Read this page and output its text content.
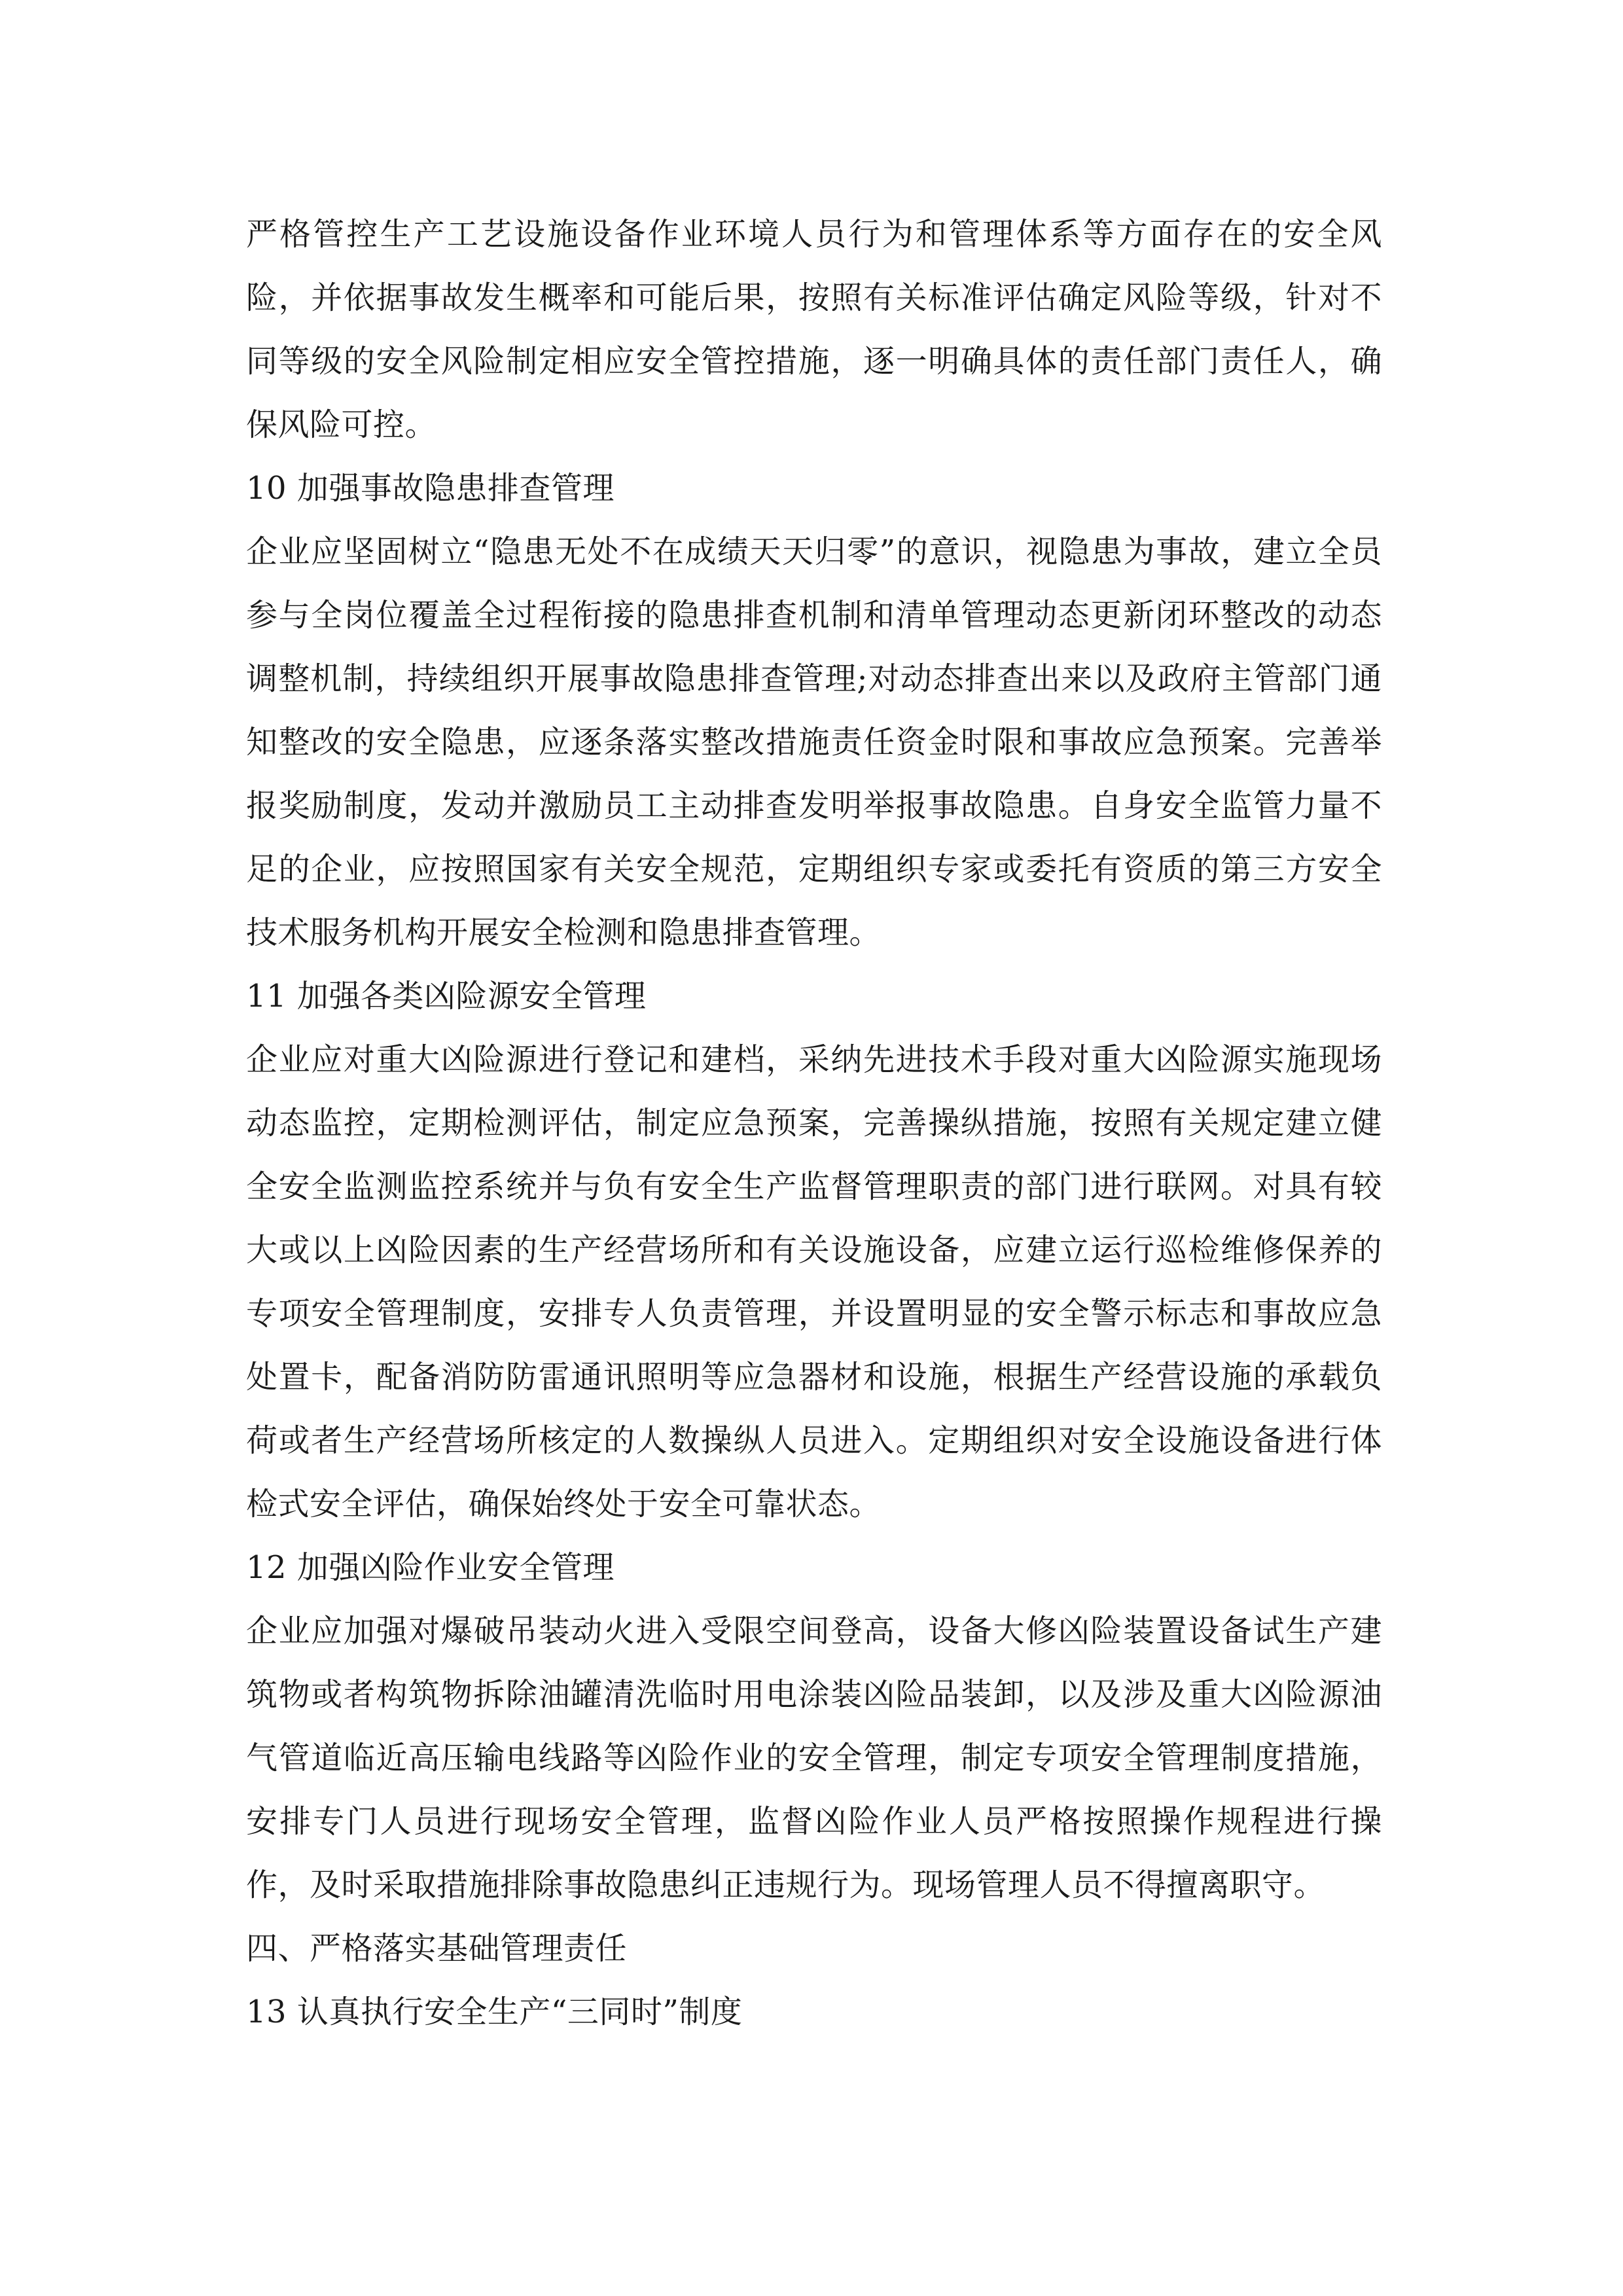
严格管控生产工艺设施设备作业环境人员行为和管理体系等方面存在的安全风险，并依据事故发生概率和可能后果，按照有关标准评估确定风险等级，针对不同等级的安全风险制定相应安全管控措施，逐一明确具体的责任部门责任人，确保风险可控。

10 加强事故隐患排查管理

企业应坚固树立“隐患无处不在成绩天天归零”的意识，视隐患为事故，建立全员参与全岗位覆盖全过程衔接的隐患排查机制和清单管理动态更新闭环整改的动态调整机制，持续组织开展事故隐患排查管理;对动态排查出来以及政府主管部门通知整改的安全隐患，应逐条落实整改措施责任资金时限和事故应急预案。完善举报奖励制度，发动并激励员工主动排查发明举报事故隐患。自身安全监管力量不足的企业，应按照国家有关安全规范，定期组织专家或委托有资质的第三方安全技术服务机构开展安全检测和隐患排查管理。

11 加强各类凶险源安全管理

企业应对重大凶险源进行登记和建档，采纳先进技术手段对重大凶险源实施现场动态监控，定期检测评估，制定应急预案，完善操纵措施，按照有关规定建立健全安全监测监控系统并与负有安全生产监督管理职责的部门进行联网。对具有较大或以上凶险因素的生产经营场所和有关设施设备，应建立运行巡检维修保养的专项安全管理制度，安排专人负责管理，并设置明显的安全警示标志和事故应急处置卡，配备消防防雷通讯照明等应急器材和设施，根据生产经营设施的承载负荷或者生产经营场所核定的人数操纵人员进入。定期组织对安全设施设备进行体检式安全评估，确保始终处于安全可靠状态。

12 加强凶险作业安全管理

企业应加强对爆破吊装动火进入受限空间登高，设备大修凶险装置设备试生产建筑物或者构筑物拆除油罐清洗临时用电涂装凶险品装卸，以及涉及重大凶险源油气管道临近高压输电线路等凶险作业的安全管理，制定专项安全管理制度措施，安排专门人员进行现场安全管理，监督凶险作业人员严格按照操作规程进行操作，及时采取措施排除事故隐患纠正违规行为。现场管理人员不得擅离职守。

四、严格落实基础管理责任

13 认真执行安全生产“三同时”制度
